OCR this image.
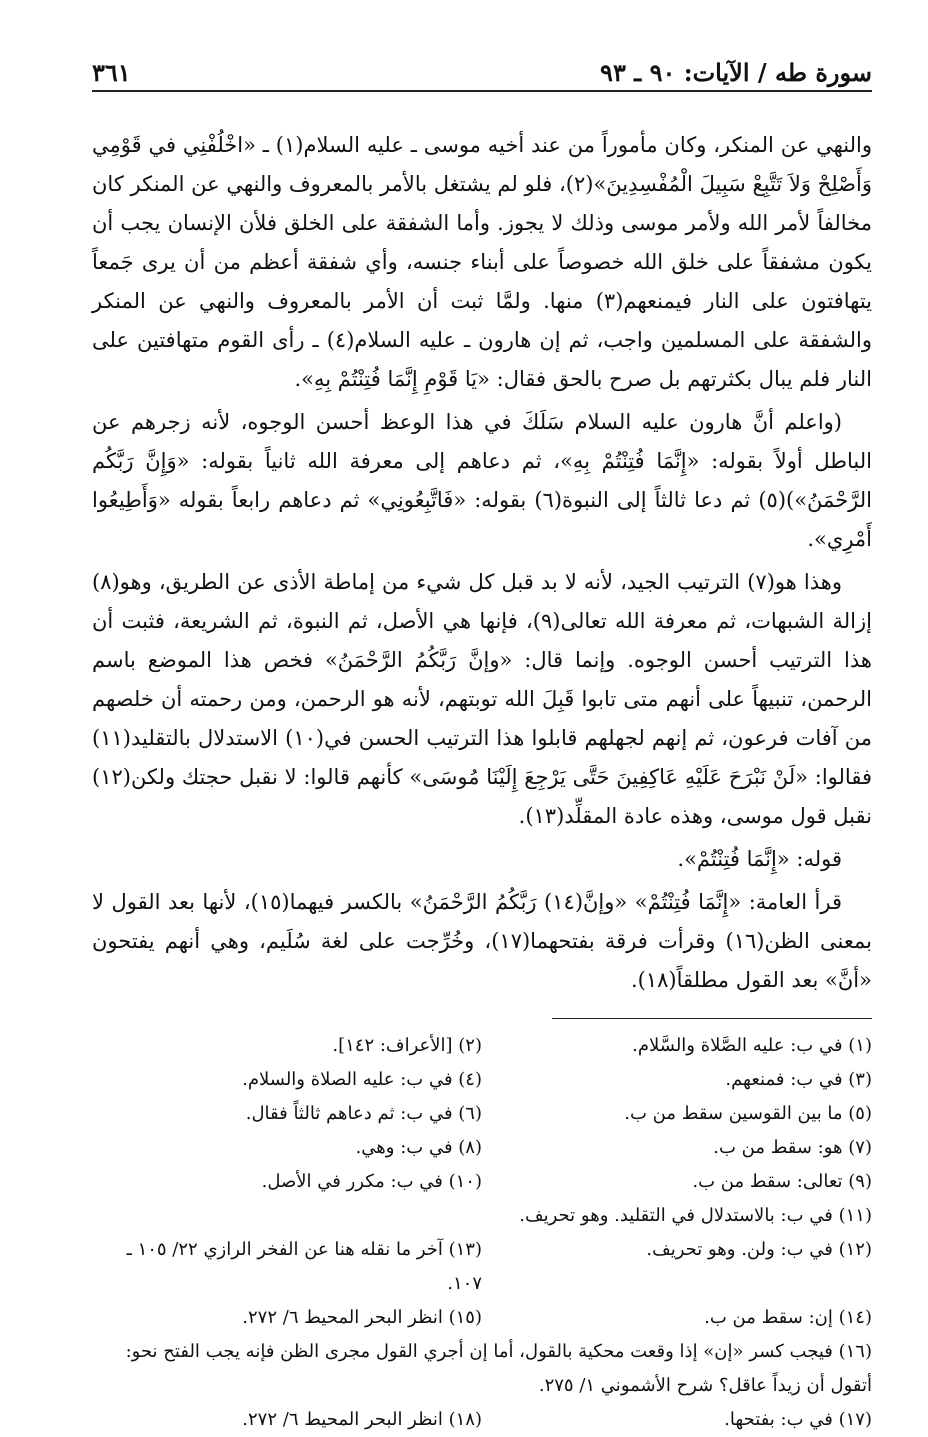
سورة طه / الآيات: ٩٠ ـ ٩٣
٣٦١

والنهي عن المنكر، وكان مأموراً من عند أخيه موسى ـ عليه السلام(١) ـ «اخْلُفْنِي في قَوْمِي وَأَصْلِحْ وَلاَ تَتَّبِعْ سَبِيلَ الْمُفْسِدِينَ»(٢)، فلو لم يشتغل بالأمر بالمعروف والنهي عن المنكر كان مخالفاً لأمر الله ولأمر موسى وذلك لا يجوز. وأما الشفقة على الخلق فلأن الإنسان يجب أن يكون مشفقاً على خلق الله خصوصاً على أبناء جنسه، وأي شفقة أعظم من أن يرى جَمعاً يتهافتون على النار فيمنعهم(٣) منها. ولمَّا ثبت أن الأمر بالمعروف والنهي عن المنكر والشفقة على المسلمين واجب، ثم إن هارون ـ عليه السلام(٤) ـ رأى القوم متهافتين على النار فلم يبال بكثرتهم بل صرح بالحق فقال: «يَا قَوْمِ إِنَّمَا فُتِنْتُمْ بِهِ».

(واعلم أنَّ هارون عليه السلام سَلَكَ في هذا الوعظ أحسن الوجوه، لأنه زجرهم عن الباطل أولاً بقوله: «إِنَّمَا فُتِنْتُمْ بِهِ»، ثم دعاهم إلى معرفة الله ثانياً بقوله: «وَإِنَّ رَبَّكُم الرَّحْمَنُ»)(٥) ثم دعا ثالثاً إلى النبوة(٦) بقوله: «فَاتَّبِعُونِي» ثم دعاهم رابعاً بقوله «وَأَطِيعُوا أَمْرِي».

وهذا هو(٧) الترتيب الجيد، لأنه لا بد قبل كل شيء من إماطة الأذى عن الطريق، وهو(٨) إزالة الشبهات، ثم معرفة الله تعالى(٩)، فإنها هي الأصل، ثم النبوة، ثم الشريعة، فثبت أن هذا الترتيب أحسن الوجوه. وإنما قال: «وإنَّ رَبَّكُمُ الرَّحْمَنُ» فخص هذا الموضع باسم الرحمن، تنبيهاً على أنهم متى تابوا قَبِلَ الله توبتهم، لأنه هو الرحمن، ومن رحمته أن خلصهم من آفات فرعون، ثم إنهم لجهلهم قابلوا هذا الترتيب الحسن في(١٠) الاستدلال بالتقليد(١١) فقالوا: «لَنْ نَبْرَحَ عَلَيْهِ عَاكِفِينَ حَتَّى يَرْجِعَ إِلَيْنَا مُوسَى» كأنهم قالوا: لا نقبل حجتك ولكن(١٢) نقبل قول موسى، وهذه عادة المقلِّد(١٣).

قوله: «إِنَّمَا فُتِنْتُمْ».

قرأ العامة: «إِنَّمَا فُتِنْتُمْ» «وإنَّ(١٤) رَبَّكُمُ الرَّحْمَنُ» بالكسر فيهما(١٥)، لأنها بعد القول لا بمعنى الظن(١٦) وقرأت فرقة بفتحهما(١٧)، وخُرِّجت على لغة سُلَيم، وهي أنهم يفتحون «أنَّ» بعد القول مطلقاً(١٨).

(١) في ب: عليه الصَّلاة والسَّلام.
(٢) [الأعراف: ١٤٢].
(٣) في ب: فمنعهم.
(٤) في ب: عليه الصلاة والسلام.
(٥) ما بين القوسين سقط من ب.
(٦) في ب: ثم دعاهم ثالثاً فقال.
(٧) هو: سقط من ب.
(٨) في ب: وهي.
(٩) تعالى: سقط من ب.
(١٠) في ب: مكرر في الأصل.
(١١) في ب: بالاستدلال في التقليد. وهو تحريف.
(١٢) في ب: ولن. وهو تحريف.
(١٣) آخر ما نقله هنا عن الفخر الرازي ٢٢/ ١٠٥ ـ ١٠٧.
(١٤) إن: سقط من ب.
(١٥) انظر البحر المحيط ٦/ ٢٧٢.
(١٦) فيجب كسر «إن» إذا وقعت محكية بالقول، أما إن أجري القول مجرى الظن فإنه يجب الفتح نحو: أتقول أن زيداً عاقل؟ شرح الأشموني ١/ ٢٧٥.
(١٧) في ب: بفتحها.
(١٨) انظر البحر المحيط ٦/ ٢٧٢.
